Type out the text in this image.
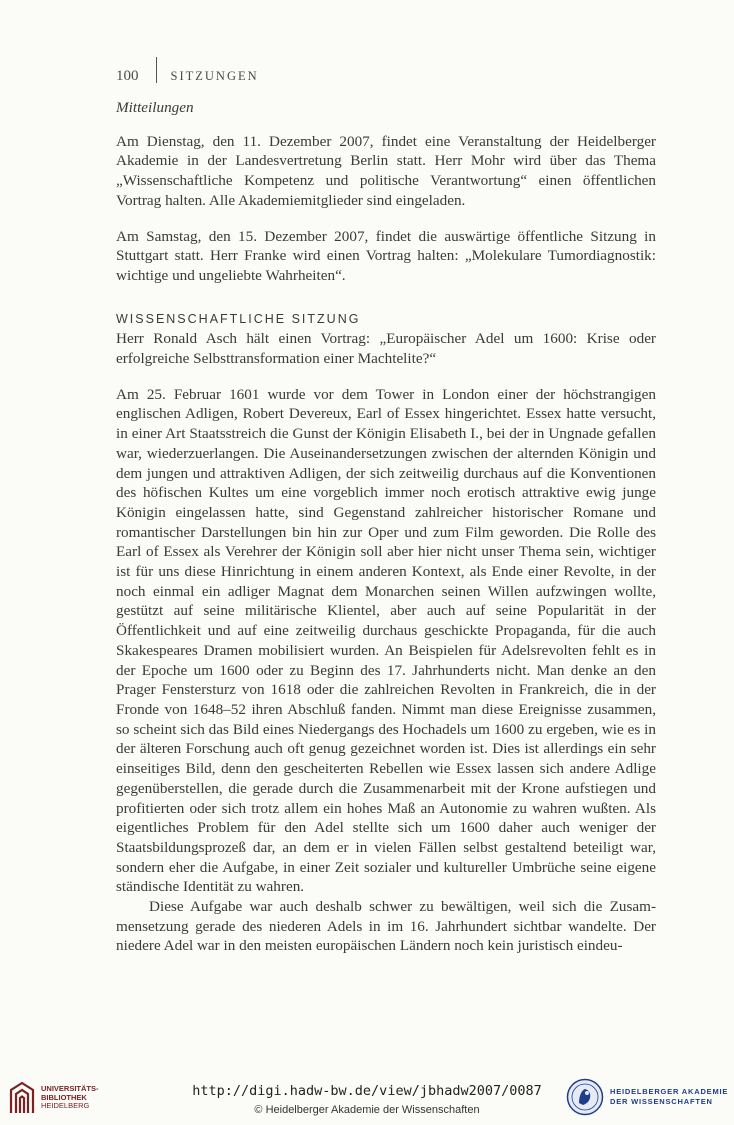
100	SITZUNGEN

Mitteilungen

Am Dienstag, den 11. Dezember 2007, findet eine Veranstaltung der Heidelberger Akademie in der Landesvertretung Berlin statt. Herr Mohr wird über das Thema „Wissenschaftliche Kompetenz und politische Verantwortung“ einen öffentlichen Vortrag halten. Alle Akademiemitglieder sind eingeladen.

Am Samstag, den 15. Dezember 2007, findet die auswärtige öffentliche Sitzung in Stuttgart statt. Herr Franke wird einen Vortrag halten: „Molekulare Tumordiagnostik: wichtige und ungeliebte Wahrheiten“.

WISSENSCHAFTLICHE SITZUNG

Herr Ronald Asch hält einen Vortrag: „Europäischer Adel um 1600: Krise oder erfolgreiche Selbsttransformation einer Machtelite?“

Am 25. Februar 1601 wurde vor dem Tower in London einer der höchstrangigen englischen Adligen, Robert Devereux, Earl of Essex hingerichtet. Essex hatte versucht, in einer Art Staatsstreich die Gunst der Königin Elisabeth I., bei der in Ungnade gefallen war, wiederzuerlangen. Die Auseinandersetzungen zwischen der alternden Königin und dem jungen und attraktiven Adligen, der sich zeitweilig durchaus auf die Konventionen des höfischen Kultes um eine vorgeblich immer noch erotisch attraktive ewig junge Königin eingelassen hatte, sind Gegenstand zahlreicher historischer Romane und romantischer Darstellungen bin hin zur Oper und zum Film geworden. Die Rolle des Earl of Essex als Verehrer der Königin soll aber hier nicht unser Thema sein, wichtiger ist für uns diese Hinrichtung in einem anderen Kontext, als Ende einer Revolte, in der noch einmal ein adliger Magnat dem Monarchen seinen Willen aufzwingen wollte, gestützt auf seine militärische Klientel, aber auch auf seine Popularität in der Öffentlichkeit und auf eine zeitweilig durchaus geschickte Propaganda, für die auch Skakespeares Dramen mobilisiert wurden. An Beispielen für Adelsrevolten fehlt es in der Epoche um 1600 oder zu Beginn des 17. Jahrhunderts nicht. Man denke an den Prager Fenstersturz von 1618 oder die zahlreichen Revolten in Frankreich, die in der Fronde von 1648–52 ihren Abschluß fanden. Nimmt man diese Ereignisse zusammen, so scheint sich das Bild eines Niedergangs des Hochadels um 1600 zu ergeben, wie es in der älteren Forschung auch oft genug gezeichnet worden ist. Dies ist allerdings ein sehr einseitiges Bild, denn den gescheiterten Rebellen wie Essex lassen sich andere Adlige gegenüberstellen, die gerade durch die Zusammenarbeit mit der Krone aufstiegen und profitierten oder sich trotz allem ein hohes Maß an Autonomie zu wahren wußten. Als eigentliches Problem für den Adel stellte sich um 1600 daher auch weniger der Staatsbildungsprozeß dar, an dem er in vielen Fällen selbst gestaltend beteiligt war, sondern eher die Aufgabe, in einer Zeit sozialer und kultureller Umbrüche seine eigene ständische Identität zu wahren.

Diese Aufgabe war auch deshalb schwer zu bewältigen, weil sich die Zusammensetzung gerade des niederen Adels in im 16. Jahrhundert sichtbar wandelte. Der niedere Adel war in den meisten europäischen Ländern noch kein juristisch eindeu-

UNIVERSITÄTS-
BIBLIOTHEK
HEIDELBERG
http://digi.hadw-bw.de/view/jbhadw2007/0087
© Heidelberger Akademie der Wissenschaften
HEIDELBERGER AKADEMIE
DER WISSENSCHAFTEN
